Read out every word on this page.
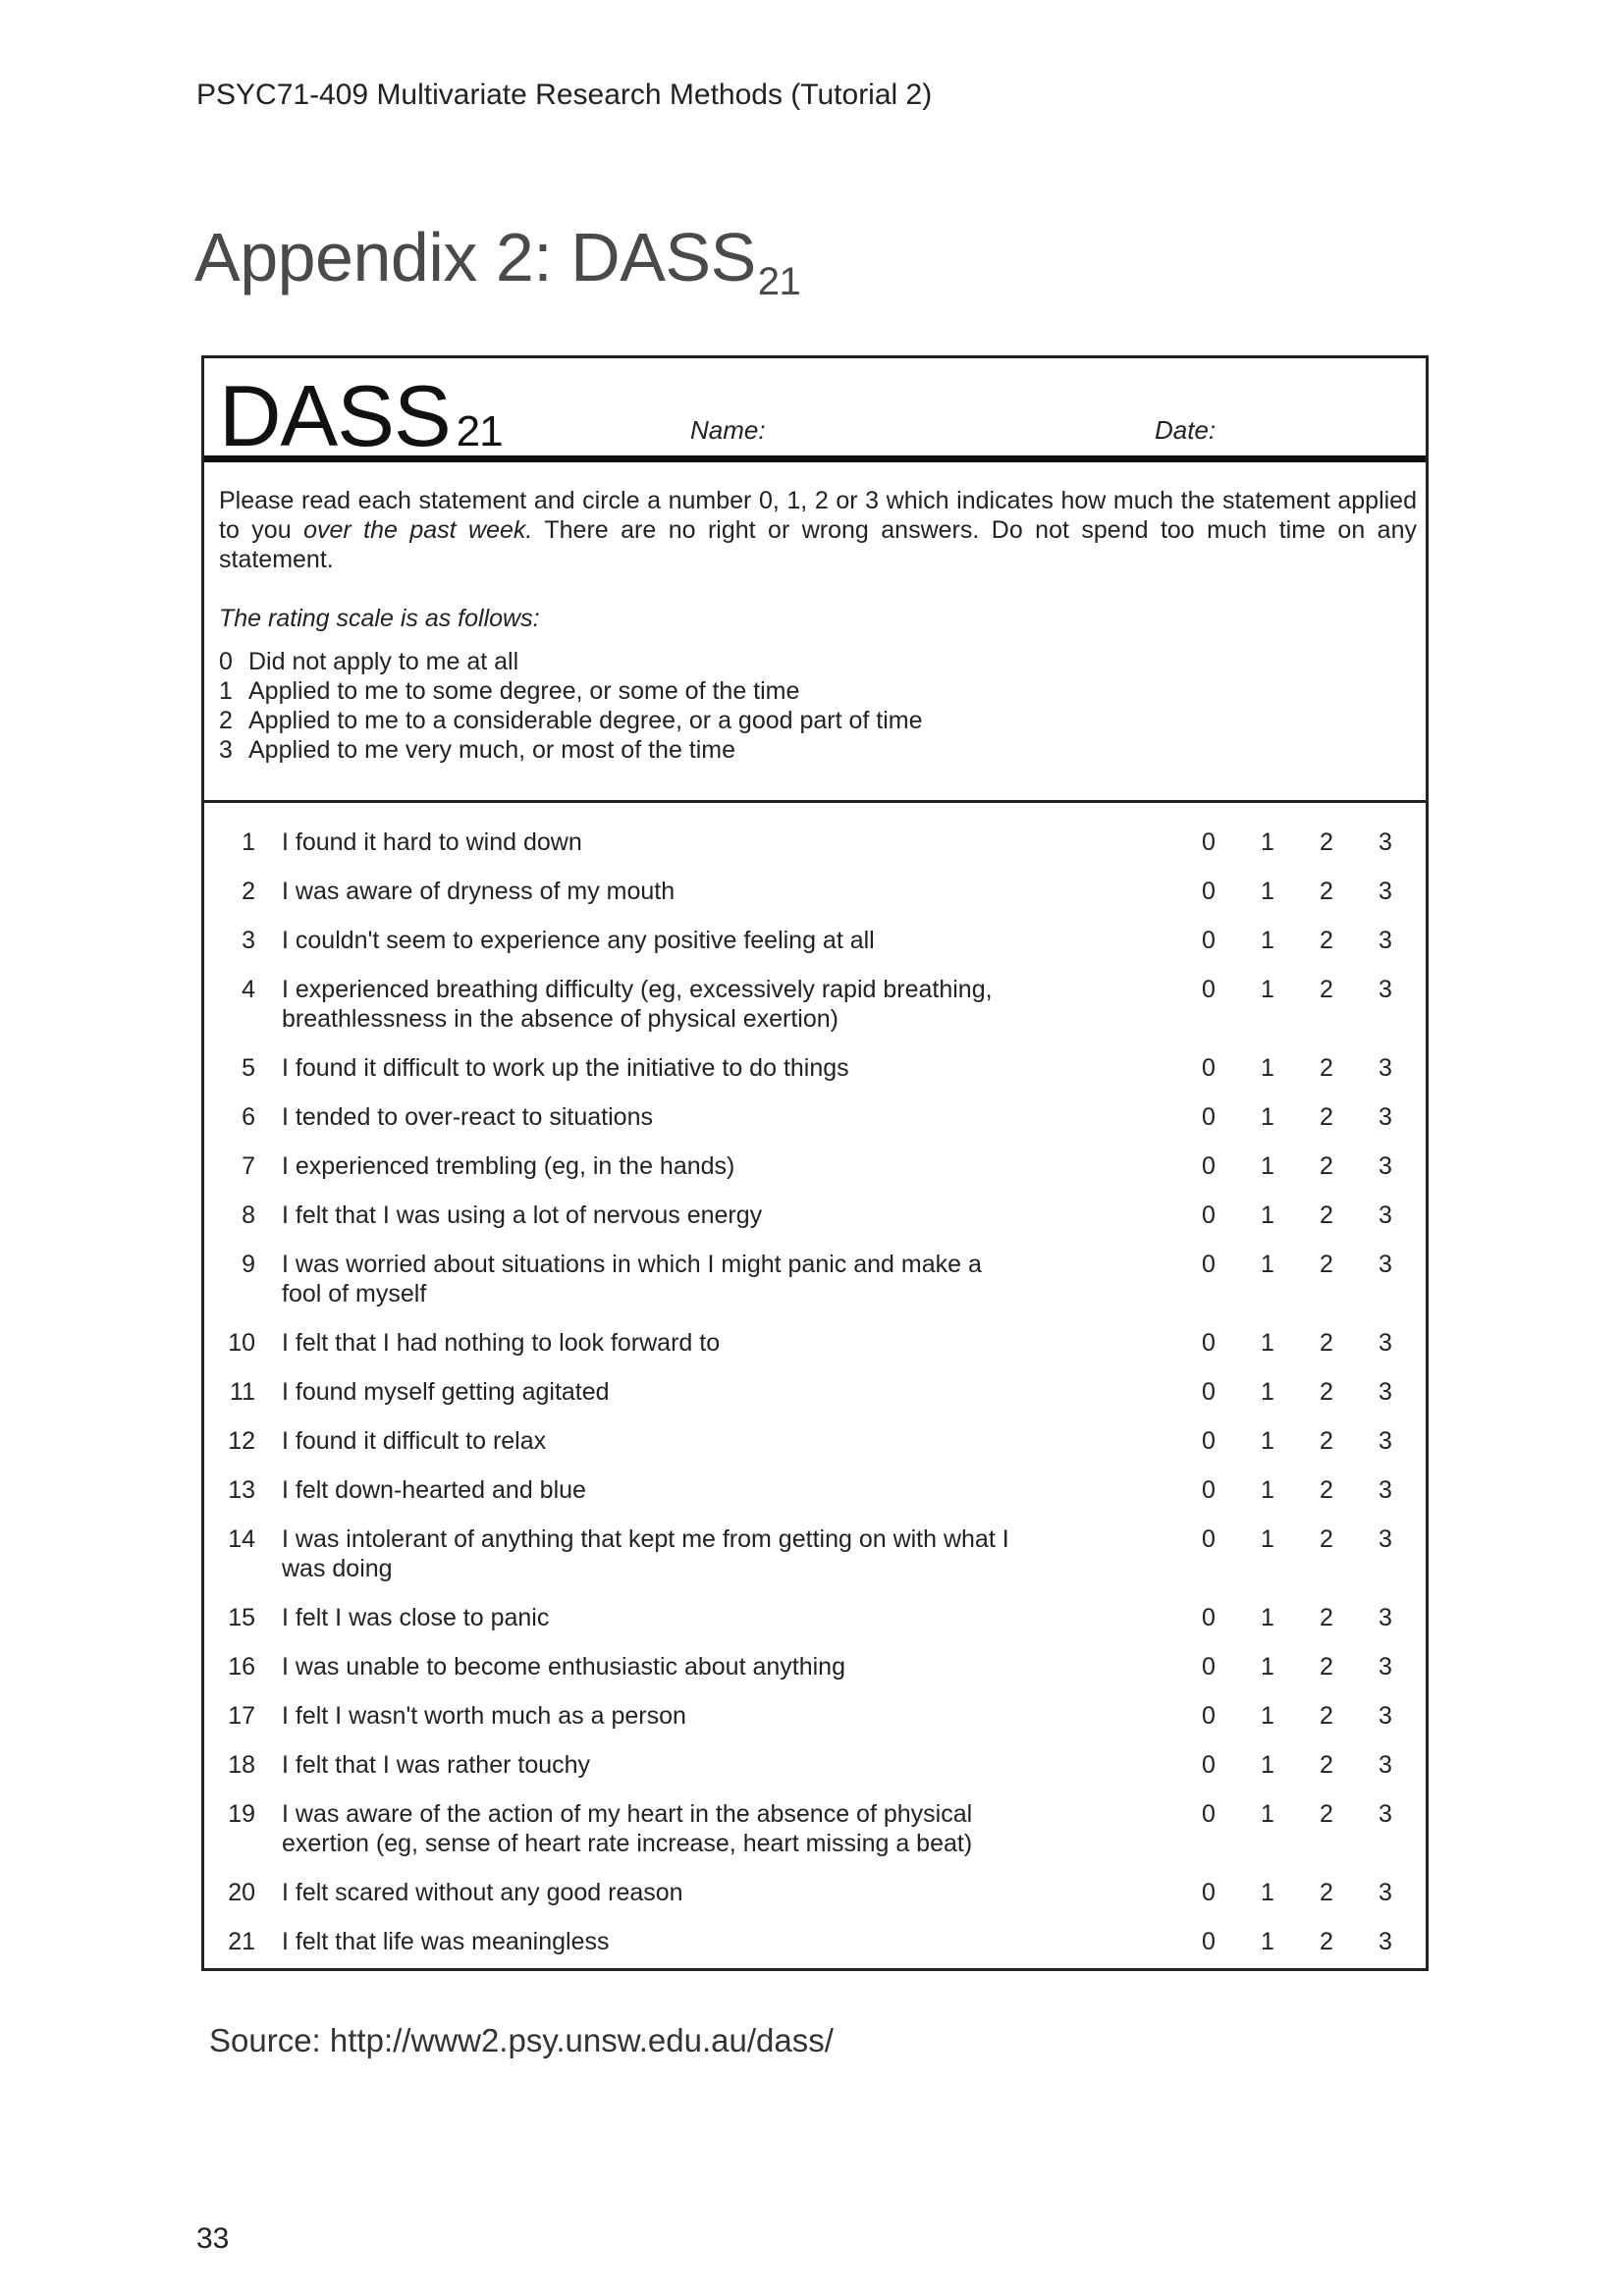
PSYC71-409 Multivariate Research Methods (Tutorial 2)
Appendix 2: $DASS_{21}$
DASS 21	Name:	Date:

Please read each statement and circle a number 0, 1, 2 or 3 which indicates how much the statement applied to you over the past week. There are no right or wrong answers. Do not spend too much time on any statement.

The rating scale is as follows:

0 Did not apply to me at all
1 Applied to me to some degree, or some of the time
2 Applied to me to a considerable degree, or a good part of time
3 Applied to me very much, or most of the time
1 I found it hard to wind down	0	1	2	3
2 I was aware of dryness of my mouth	0	1	2	3
3 I couldn't seem to experience any positive feeling at all	0	1	2	3
4 I experienced breathing difficulty (eg, excessively rapid breathing, breathlessness in the absence of physical exertion)
0	1	2	3
5 I found it difficult to work up the initiative to do things	0	1	2	3
6 I tended to over-react to situations	0	1	2	3
7 I experienced trembling (eg, in the hands)	0	1	2	3
8 I felt that I was using a lot of nervous energy	0	1	2	3
9 I was worried about situations in which I might panic and make a fool of myself
0	1	2	3
10 I felt that I had nothing to look forward to	0	1	2	3
11 I found myself getting agitated	0	1	2	3
12 I found it difficult to relax	0	1	2	3
13 I felt down-hearted and blue	0	1	2	3
14 I was intolerant of anything that kept me from getting on with what I was doing
0	1	2	3
15 I felt I was close to panic	0	1	2	3
16 I was unable to become enthusiastic about anything	0	1	2	3
17 I felt I wasn't worth much as a person	0	1	2	3
18 I felt that I was rather touchy	0	1	2	3
19 I was aware of the action of my heart in the absence of physical exertion (eg, sense of heart rate increase, heart missing a beat)
0	1	2	3
20 I felt scared without any good reason	0	1	2	3
21 I felt that life was meaningless	0	1	2	3
Source: http://www2.psy.unsw.edu.au/dass/
33
